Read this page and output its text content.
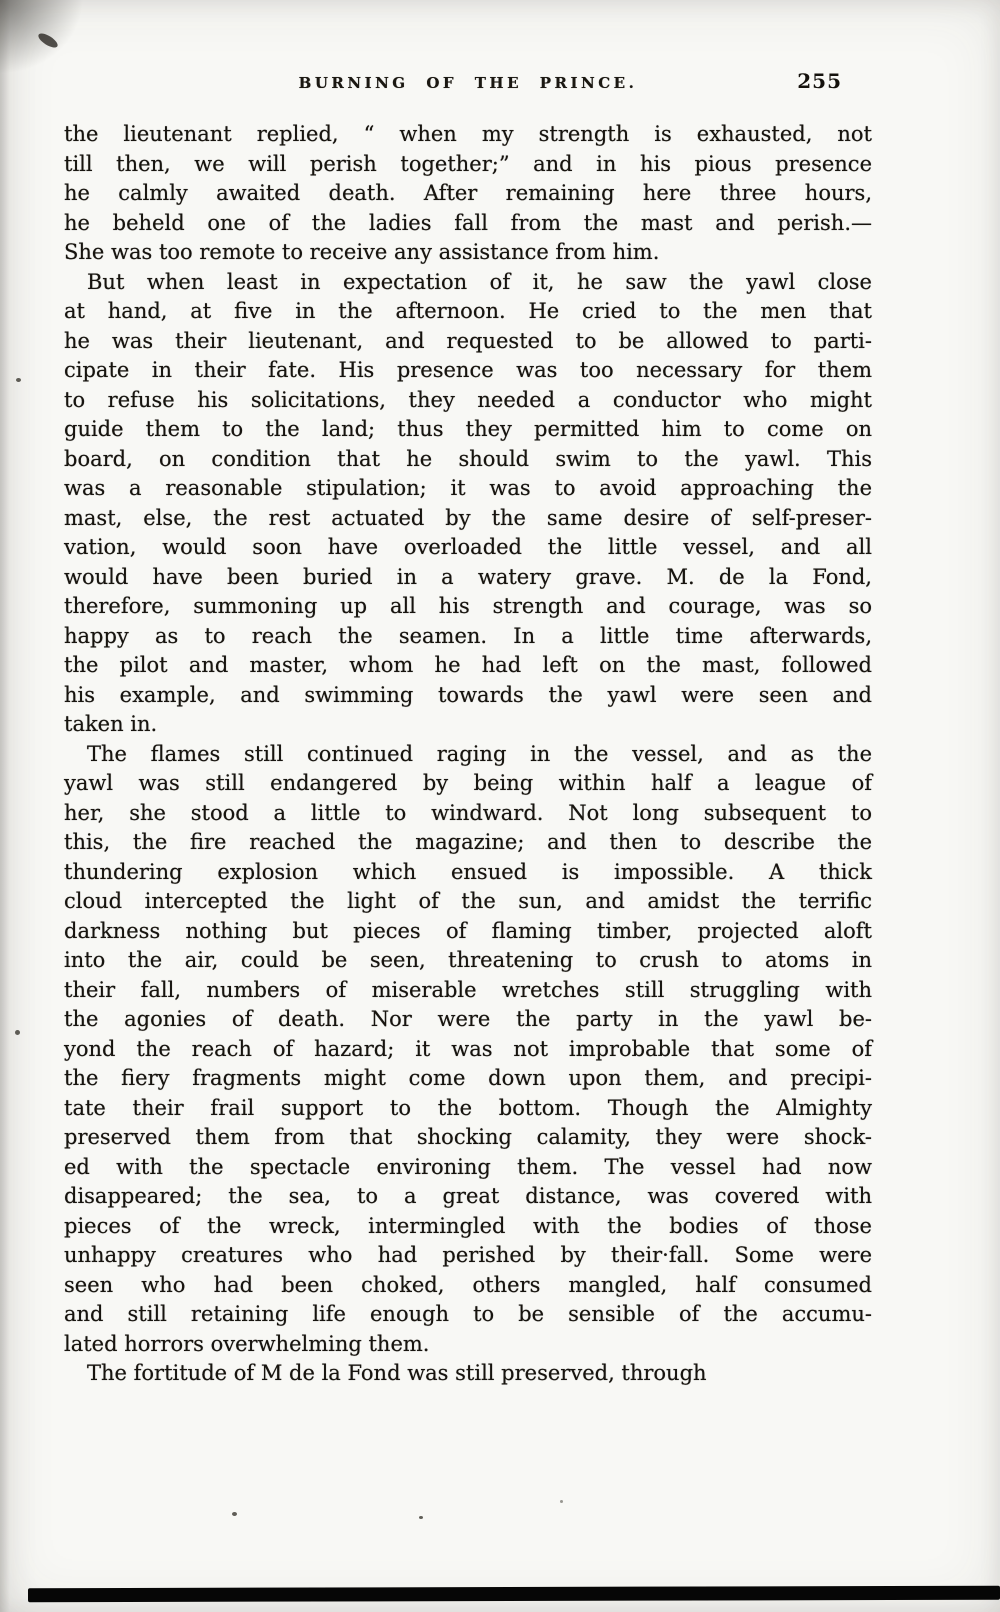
BURNING OF THE PRINCE.	255
the lieutenant replied, “ when my strength is exhausted, not
till then, we will perish together;” and in his pious presence
he calmly awaited death. After remaining here three hours,
he beheld one of the ladies fall from the mast and perish.—
She was too remote to receive any assistance from him.
But when least in expectation of it, he saw the yawl close
at hand, at five in the afternoon. He cried to the men that
he was their lieutenant, and requested to be allowed to parti-
cipate in their fate. His presence was too necessary for them
to refuse his solicitations, they needed a conductor who might
guide them to the land; thus they permitted him to come on
board, on condition that he should swim to the yawl. This
was a reasonable stipulation; it was to avoid approaching the
mast, else, the rest actuated by the same desire of self-preser-
vation, would soon have overloaded the little vessel, and all
would have been buried in a watery grave. M. de la Fond,
therefore, summoning up all his strength and courage, was so
happy as to reach the seamen. In a little time afterwards,
the pilot and master, whom he had left on the mast, followed
his example, and swimming towards the yawl were seen and
taken in.
The flames still continued raging in the vessel, and as the
yawl was still endangered by being within half a league of
her, she stood a little to windward. Not long subsequent to
this, the fire reached the magazine; and then to describe the
thundering explosion which ensued is impossible. A thick
cloud intercepted the light of the sun, and amidst the terrific
darkness nothing but pieces of flaming timber, projected aloft
into the air, could be seen, threatening to crush to atoms in
their fall, numbers of miserable wretches still struggling with
the agonies of death. Nor were the party in the yawl be-
yond the reach of hazard; it was not improbable that some of
the fiery fragments might come down upon them, and precipi-
tate their frail support to the bottom. Though the Almighty
preserved them from that shocking calamity, they were shock-
ed with the spectacle environing them. The vessel had now
disappeared; the sea, to a great distance, was covered with
pieces of the wreck, intermingled with the bodies of those
unhappy creatures who had perished by their·fall. Some were
seen who had been choked, others mangled, half consumed
and still retaining life enough to be sensible of the accumu-
lated horrors overwhelming them.
The fortitude of M de la Fond was still preserved, through
